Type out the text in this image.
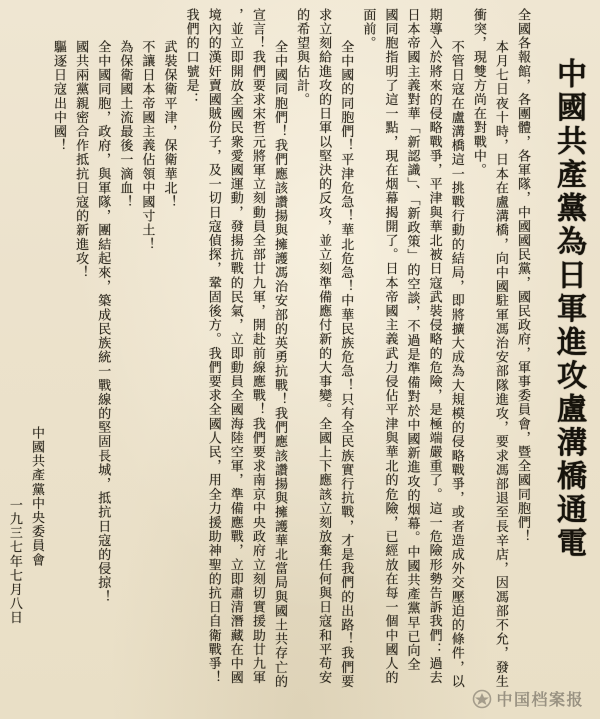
中國共產黨為日軍進攻盧溝橋通電
全國各報館，各團體，各軍隊，中國國民黨，國民政府，軍事委員會，暨全國同胞們！
本月七日夜十時，日本在盧溝橋，向中國駐軍馮治安部隊進攻，要求馮部退至長辛店，因馮部不允，發生
衝突，現雙方尚在對戰中。
不管日寇在盧溝橋這一挑戰行動的結局，即將擴大成為大規模的侵略戰爭，或者造成外交壓迫的條件，以
期導入於將來的侵略戰爭，平津與華北被日寇武裝侵略的危險，是極端嚴重了。這一危險形勢告訴我們：過去
日本帝國主義對華「新認識」、「新政策」的空談，不過是準備對於中國新進攻的烟幕。中國共產黨早已向全
國同胞指明了這一點，現在烟幕揭開了。日本帝國主義武力侵佔平津與華北的危險，已經放在每一個中國人的
面前。
全中國的同胞們！平津危急！華北危急！中華民族危急！只有全民族實行抗戰，才是我們的出路！我們要
求立刻給進攻的日軍以堅決的反攻，並立刻準備應付新的大事變。全國上下應該立刻放棄任何與日寇和平苟安
的希望與估計。
全中國同胞們！我們應該讚揚與擁護馮治安部的英勇抗戰！我們應該讚揚與擁護華北當局與國土共存亡的
宣言！我們要求宋哲元將軍立刻動員全部廿九軍，開赴前線應戰！我們要求南京中央政府立刻切實援助廿九軍
，並立即開放全國民衆愛國運動，發揚抗戰的民氣，立即動員全國海陸空軍，準備應戰，立即肅清潛藏在中國
境內的漢奸賣國賊份子，及一切日寇偵探，鞏固後方。我們要求全國人民，用全力援助神聖的抗日自衛戰爭！
我們的口號是：
武裝保衛平津，保衛華北！
不讓日本帝國主義佔領中國寸土！
為保衛國土流最後一滴血！
全中國同胞，政府，與軍隊，團結起來，築成民族統一戰線的堅固長城，抵抗日寇的侵掠！
國共兩黨親密合作抵抗日寇的新進攻！
驅逐日寇出中國！
中國共產黨中央委員會
一九三七年七月八日
中国档案报
